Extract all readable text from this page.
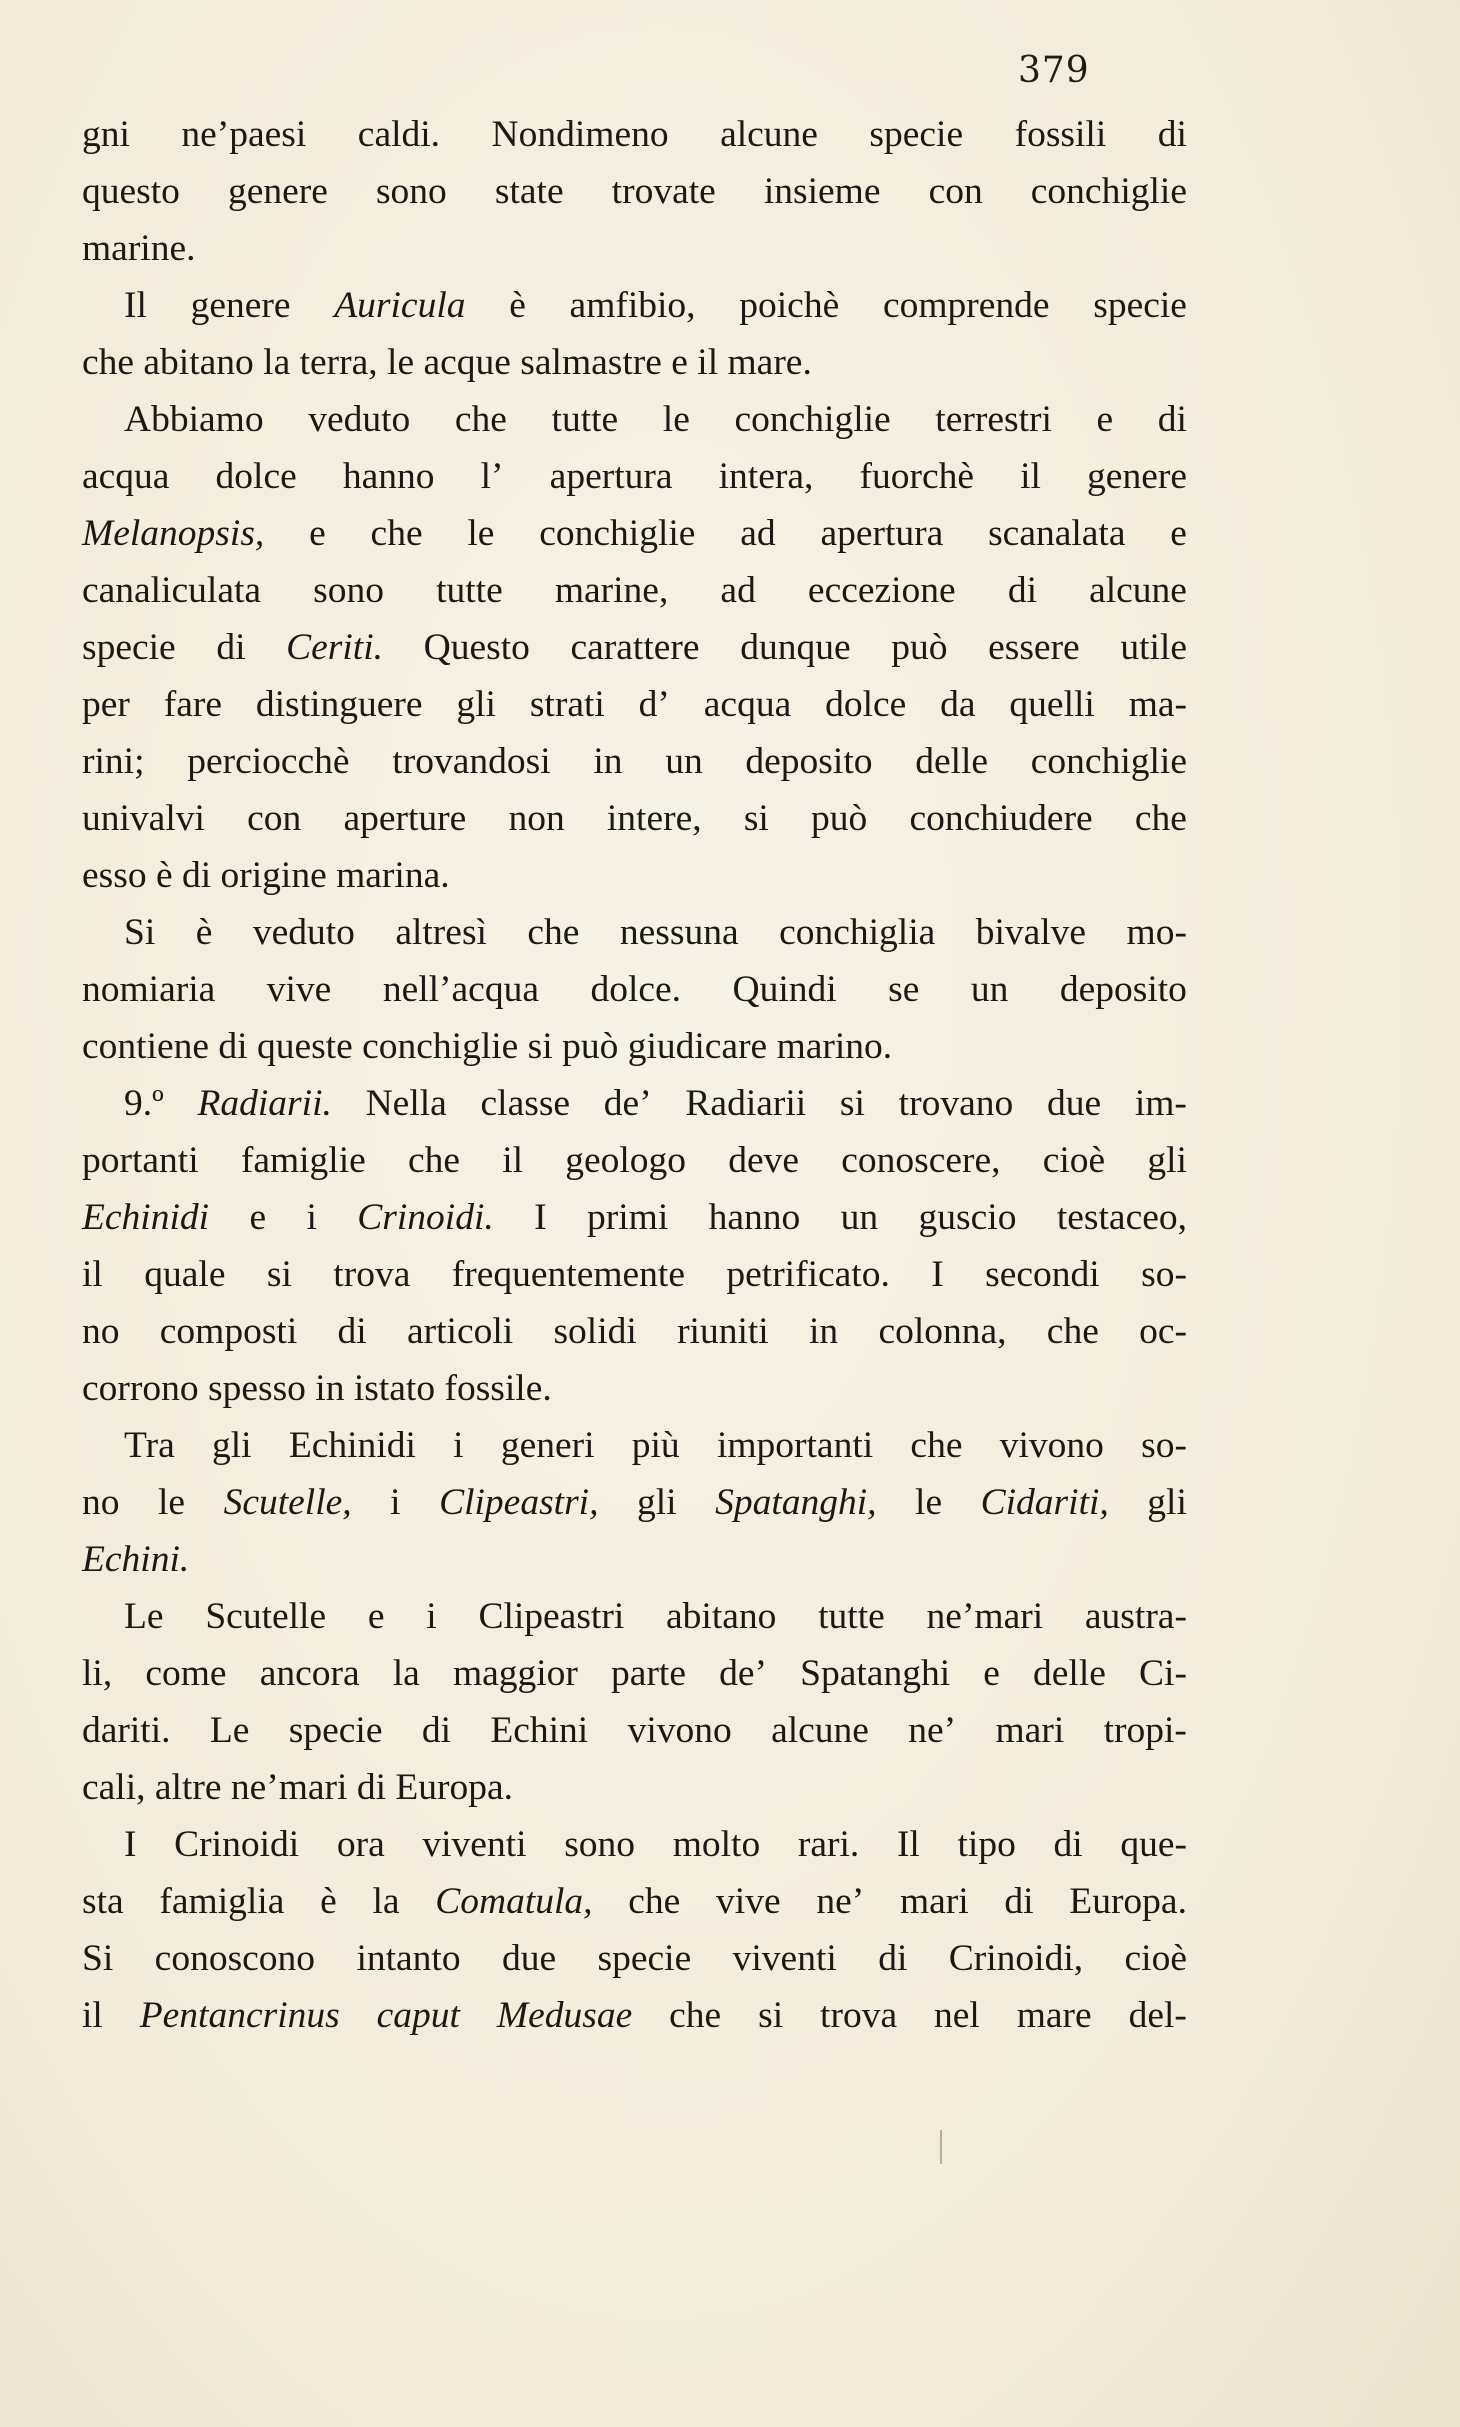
379
gni ne’paesi caldi. Nondimeno alcune specie fossili di
questo genere sono state trovate insieme con conchiglie
marine.
Il genere Auricula è amfibio, poichè comprende specie
che abitano la terra, le acque salmastre e il mare.
Abbiamo veduto che tutte le conchiglie terrestri e di
acqua dolce hanno l’ apertura intera, fuorchè il genere
Melanopsis, e che le conchiglie ad apertura scanalata e
canaliculata sono tutte marine, ad eccezione di alcune
specie di Ceriti. Questo carattere dunque può essere utile
per fare distinguere gli strati d’ acqua dolce da quelli ma-
rini; perciocchè trovandosi in un deposito delle conchiglie
univalvi con aperture non intere, si può conchiudere che
esso è di origine marina.
Si è veduto altresì che nessuna conchiglia bivalve mo-
nomiaria vive nell’acqua dolce. Quindi se un deposito
contiene di queste conchiglie si può giudicare marino.
9.º Radiarii. Nella classe de’ Radiarii si trovano due im-
portanti famiglie che il geologo deve conoscere, cioè gli
Echinidi e i Crinoidi. I primi hanno un guscio testaceo,
il quale si trova frequentemente petrificato. I secondi so-
no composti di articoli solidi riuniti in colonna, che oc-
corrono spesso in istato fossile.
Tra gli Echinidi i generi più importanti che vivono so-
no le Scutelle, i Clipeastri, gli Spatanghi, le Cidariti, gli
Echini.
Le Scutelle e i Clipeastri abitano tutte ne’mari austra-
li, come ancora la maggior parte de’ Spatanghi e delle Ci-
dariti. Le specie di Echini vivono alcune ne’ mari tropi-
cali, altre ne’mari di Europa.
I Crinoidi ora viventi sono molto rari. Il tipo di que-
sta famiglia è la Comatula, che vive ne’ mari di Europa.
Si conoscono intanto due specie viventi di Crinoidi, cioè
il Pentancrinus caput Medusae che si trova nel mare del-
